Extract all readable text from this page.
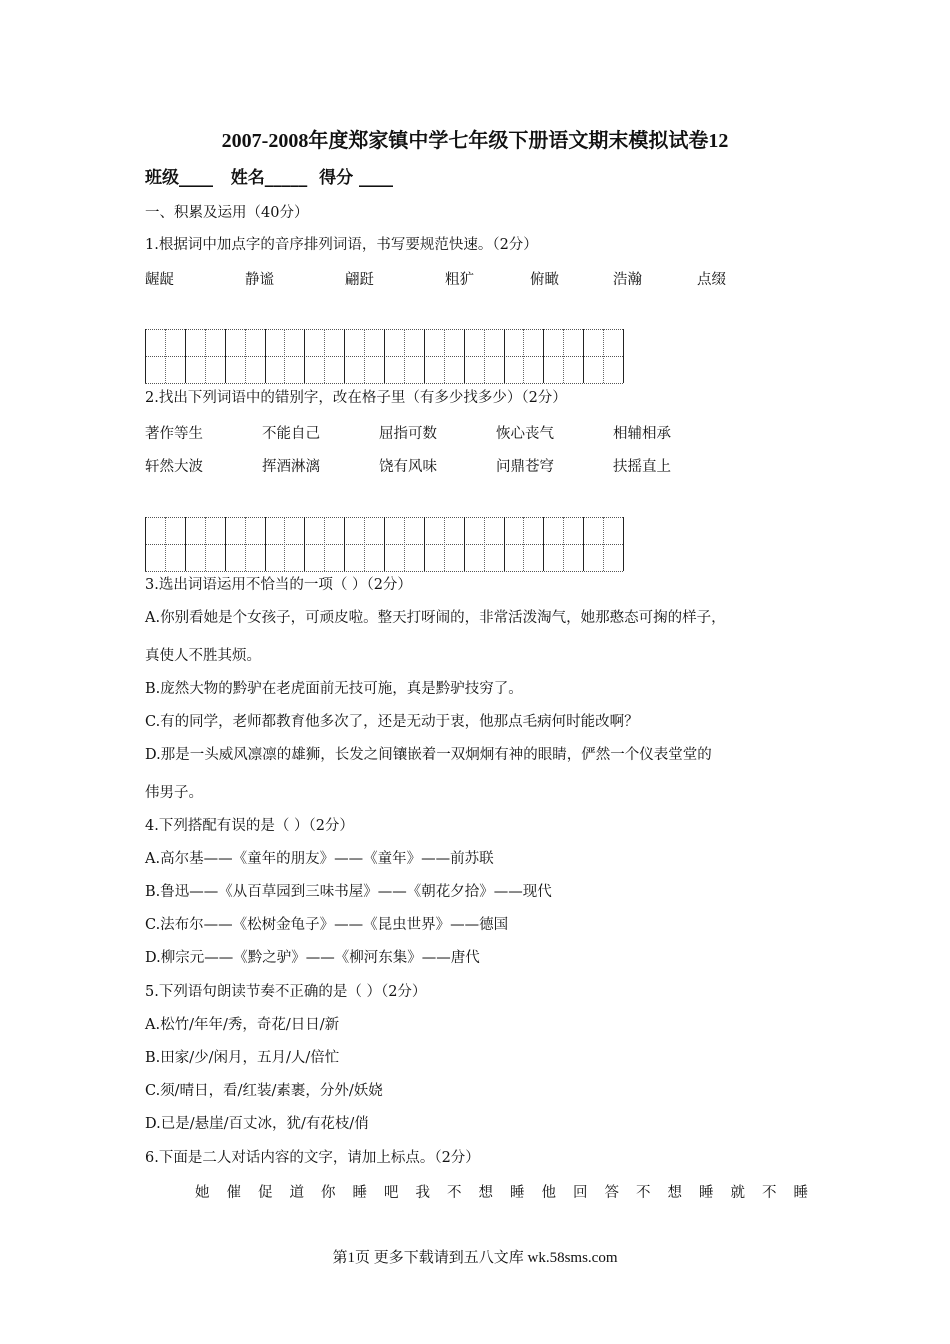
2007-2008年度郑家镇中学七年级下册语文期末模拟试卷12
班级____   姓名_____  得分 ____
一、积累及运用（40分）
1.根据词中加点字的音序排列词语，书写要规范快速。（2分）
龌龊	静谧	翩跹	粗犷	俯瞰	浩瀚	点缀
2.找出下列词语中的错别字，改在格子里（有多少找多少）（2分）
著作等生	不能自己	屈指可数	恢心丧气	相辅相承
轩然大波	挥酒淋漓	饶有风味	问鼎苍穹	扶摇直上
3.选出词语运用不恰当的一项（ ）（2分）
A.你别看她是个女孩子，可顽皮啦。整天打呀闹的，非常活泼淘气，她那憨态可掬的样子，
真使人不胜其烦。
B.庞然大物的黔驴在老虎面前无技可施，真是黔驴技穷了。
C.有的同学，老师都教育他多次了，还是无动于衷，他那点毛病何时能改啊？
D.那是一头威风凛凛的雄狮，长发之间镶嵌着一双炯炯有神的眼睛，俨然一个仪表堂堂的
伟男子。
4.下列搭配有误的是（ ）（2分）
A.高尔基——《童年的朋友》——《童年》——前苏联
B.鲁迅——《从百草园到三味书屋》——《朝花夕拾》——现代
C.法布尔——《松树金龟子》——《昆虫世界》——德国
D.柳宗元——《黔之驴》——《柳河东集》——唐代
5.下列语句朗读节奏不正确的是（ ）（2分）
A.松竹/年年/秀，奇花/日日/新
B.田家/少/闲月，五月/人/倍忙
C.须/晴日，看/红装/素裹，分外/妖娆
D.已是/悬崖/百丈冰，犹/有花枝/俏
6.下面是二人对话内容的文字，请加上标点。（2分）
她 催 促 道 你 睡 吧 我 不 想 睡 他 回 答 不 想 睡 就 不 睡
第1页 更多下载请到五八文库 wk.58sms.com
